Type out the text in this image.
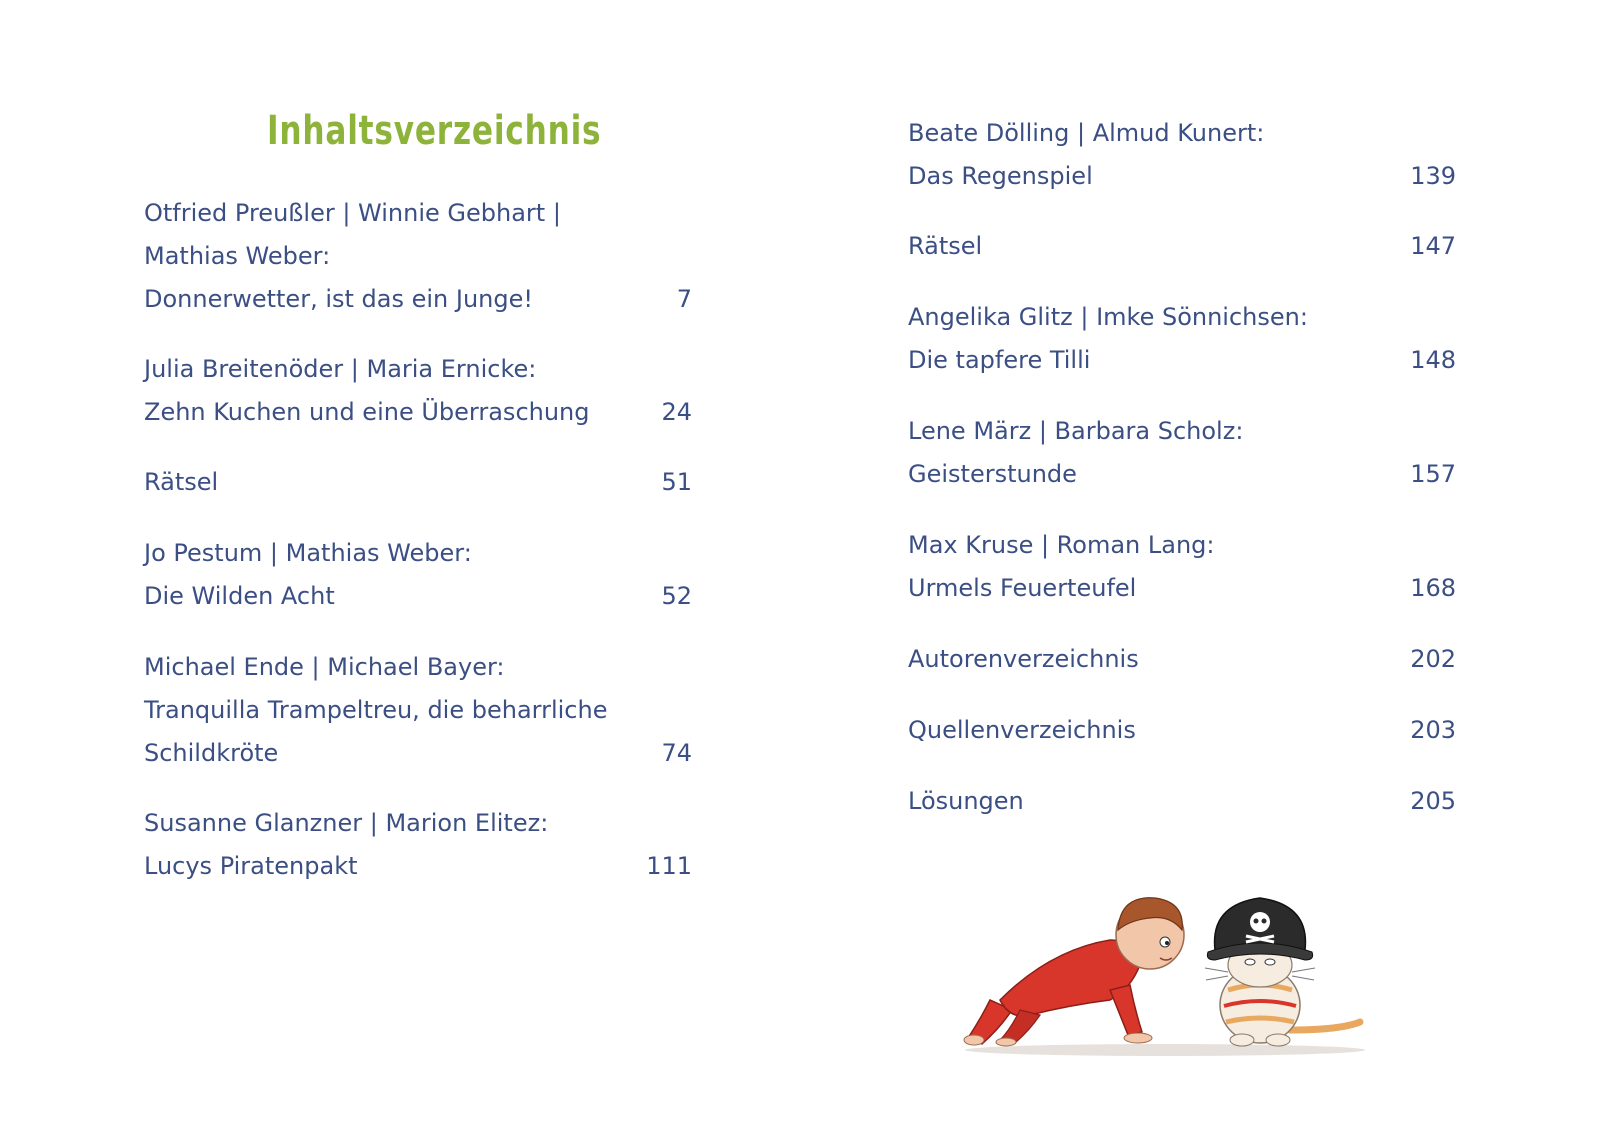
Inhaltsverzeichnis
Otfried Preußler | Winnie Gebhart |
Mathias Weber:
Donnerwetter, ist das ein Junge!	7
Julia Breitenöder | Maria Ernicke:
Zehn Kuchen und eine Überraschung	24
Rätsel	51
Jo Pestum | Mathias Weber:
Die Wilden Acht	52
Michael Ende | Michael Bayer:
Tranquilla Trampeltreu, die beharrliche
Schildkröte	74
Susanne Glanzner | Marion Elitez:
Lucys Piratenpakt	111
Beate Dölling | Almud Kunert:
Das Regenspiel	139
Rätsel	147
Angelika Glitz | Imke Sönnichsen:
Die tapfere Tilli	148
Lene März | Barbara Scholz:
Geisterstunde	157
Max Kruse | Roman Lang:
Urmels Feuerteufel	168
Autorenverzeichnis	202
Quellenverzeichnis	203
Lösungen	205
